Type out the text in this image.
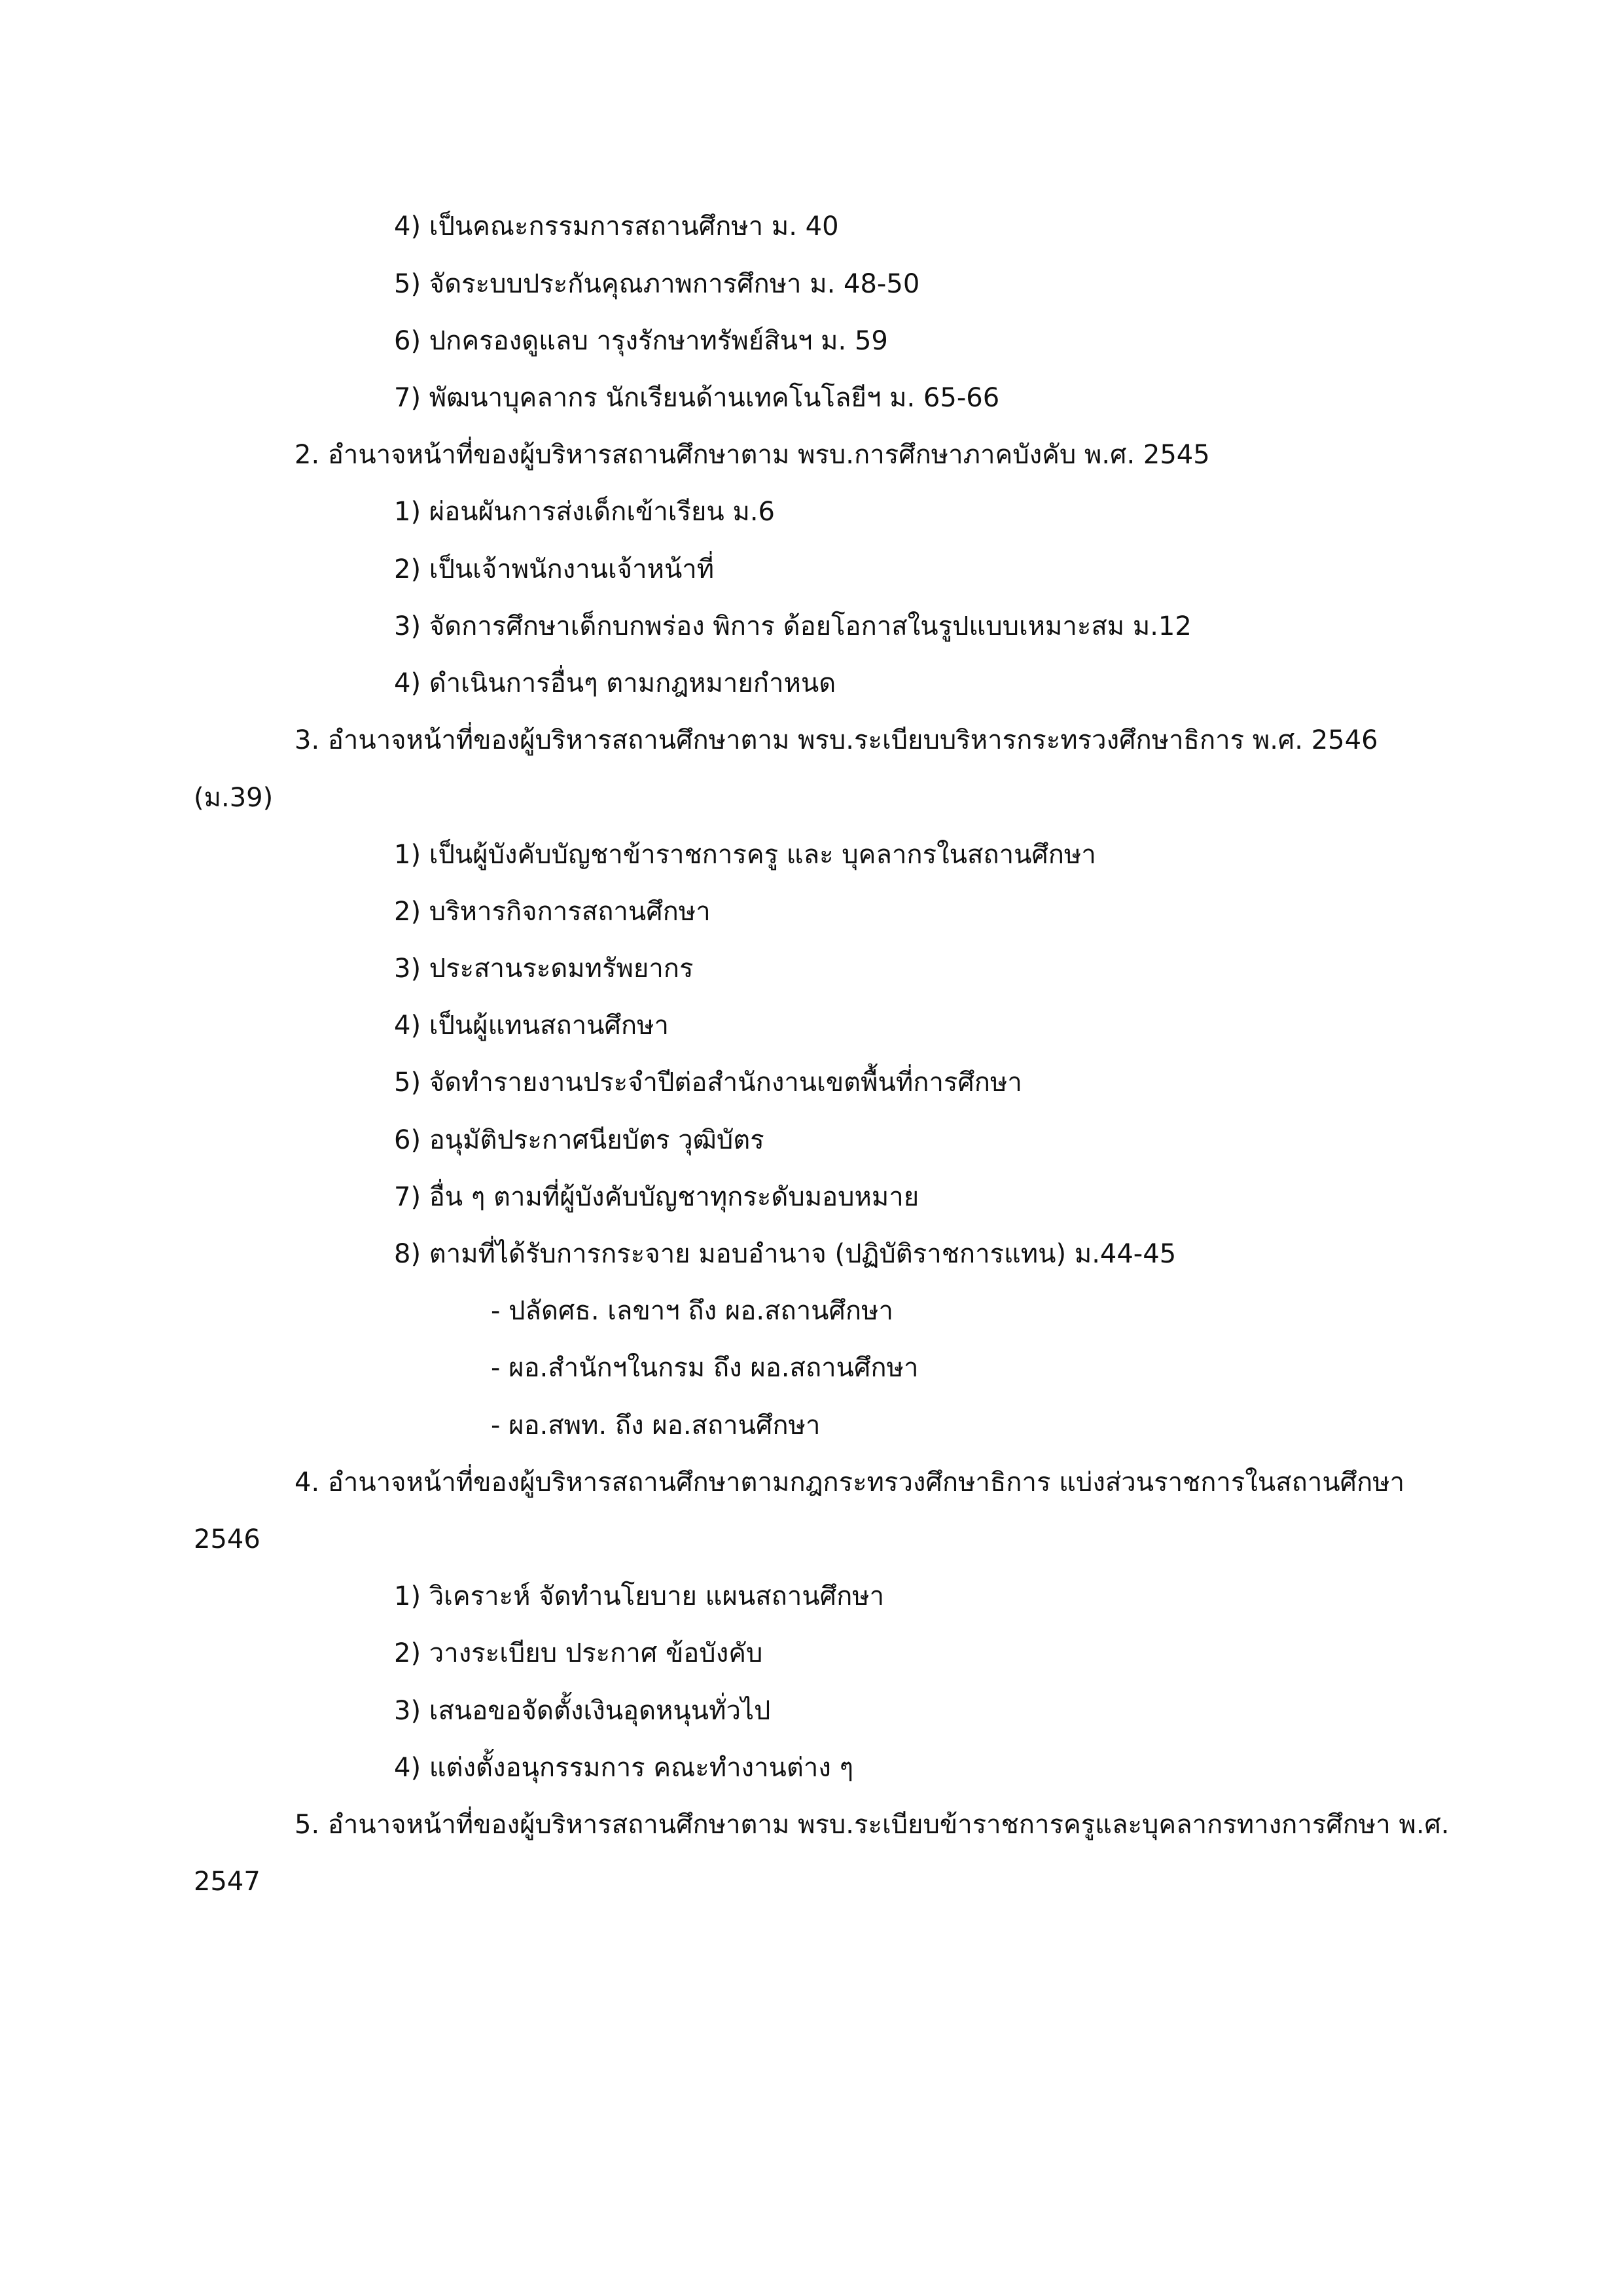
4) เป็นคณะกรรมการสถานศึกษา ม. 40
5) จัดระบบประกันคุณภาพการศึกษา ม. 48-50
6) ปกครองดูแลบ ารุงรักษาทรัพย์สินฯ ม. 59
7) พัฒนาบุคลากร นักเรียนด้านเทคโนโลยีฯ ม. 65-66
2. อำนาจหน้าที่ของผู้บริหารสถานศึกษาตาม พรบ.การศึกษาภาคบังคับ พ.ศ. 2545
1) ผ่อนผันการส่งเด็กเข้าเรียน ม.6
2) เป็นเจ้าพนักงานเจ้าหน้าที่
3) จัดการศึกษาเด็กบกพร่อง พิการ ด้อยโอกาสในรูปแบบเหมาะสม ม.12
4) ดำเนินการอื่นๆ ตามกฎหมายกำหนด
3. อำนาจหน้าที่ของผู้บริหารสถานศึกษาตาม พรบ.ระเบียบบริหารกระทรวงศึกษาธิการ พ.ศ. 2546
(ม.39)
1) เป็นผู้บังคับบัญชาข้าราชการครู และ บุคลากรในสถานศึกษา
2) บริหารกิจการสถานศึกษา
3) ประสานระดมทรัพยากร
4) เป็นผู้แทนสถานศึกษา
5) จัดทำรายงานประจำปีต่อสำนักงานเขตพื้นที่การศึกษา
6) อนุมัติประกาศนียบัตร วุฒิบัตร
7) อื่น ๆ ตามที่ผู้บังคับบัญชาทุกระดับมอบหมาย
8) ตามที่ได้รับการกระจาย มอบอำนาจ (ปฏิบัติราชการแทน) ม.44-45
- ปลัดศธ. เลขาฯ ถึง ผอ.สถานศึกษา
- ผอ.สำนักฯในกรม ถึง ผอ.สถานศึกษา
- ผอ.สพท. ถึง ผอ.สถานศึกษา
4. อำนาจหน้าที่ของผู้บริหารสถานศึกษาตามกฎกระทรวงศึกษาธิการ แบ่งส่วนราชการในสถานศึกษา
2546
1) วิเคราะห์ จัดทำนโยบาย แผนสถานศึกษา
2) วางระเบียบ ประกาศ ข้อบังคับ
3) เสนอขอจัดตั้งเงินอุดหนุนทั่วไป
4) แต่งตั้งอนุกรรมการ คณะทำงานต่าง ๆ
5. อำนาจหน้าที่ของผู้บริหารสถานศึกษาตาม พรบ.ระเบียบข้าราชการครูและบุคลากรทางการศึกษา พ.ศ.
2547
